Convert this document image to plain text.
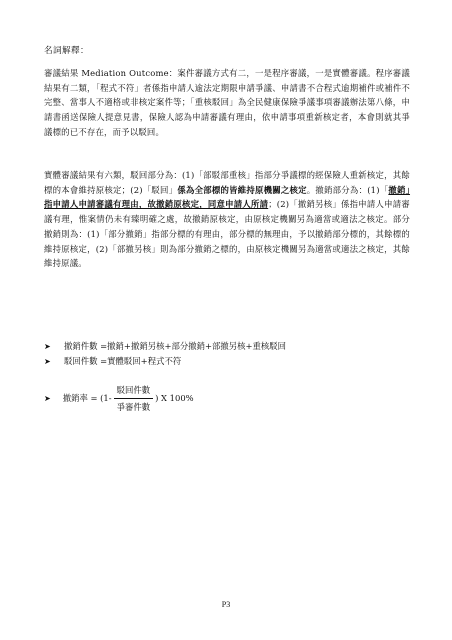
名詞解釋：

審議結果 Mediation Outcome：案件審議方式有二，一是程序審議，一是實體審議。程序審議結果有二類，「程式不符」者係指申請人逾法定期限申請爭議、申請書不合程式逾期補件或補件不完整、當事人不適格或非核定案件等；「重核駁回」為全民健康保險爭議事項審議辦法第八條，申請書函送保險人提意見書，保險人認為申請審議有理由，依申請事項重新核定者，本會則就其爭議標的已不存在，而予以駁回。

實體審議結果有六類，駁回部分為：(1)「部駁部重核」指部分爭議標的經保險人重新核定，其餘標的本會維持原核定；(2)「駁回」係為全部標的皆維持原機關之核定。撤銷部分為：(1)「撤銷」指申請人申請審議有理由，故撤銷原核定，同意申請人所請；(2)「撤銷另核」係指申請人申請審議有理，惟案情仍未有臻明確之處，故撤銷原核定，由原核定機關另為適當或適法之核定。部分撤銷則為：(1)「部分撤銷」指部分標的有理由，部分標的無理由，予以撤銷部分標的，其餘標的維持原核定，(2)「部撤另核」則為部分撤銷之標的，由原核定機關另為適當或適法之核定，其餘維持原議。

➤ 撤銷件數 =撤銷+撤銷另核+部分撤銷+部撤另核+重核駁回
➤ 駁回件數 =實體駁回+程式不符
➤ 撤銷率 = ($1- \frac{\text{駁回件數}}{\text{爭審件數}}$ ) X 100%
P3
